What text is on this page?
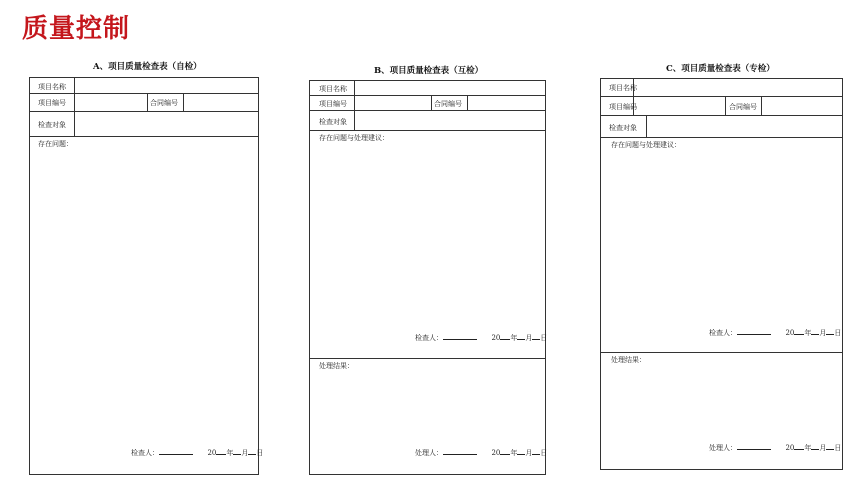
质量控制
A、项目质量检查表（自检）
项目名称
项目编号	合同编号
检查对象
存在问题：
检查人：	20 年 月 日
B、项目质量检查表（互检）
项目名称
项目编号	合同编号
检查对象
存在问题与处理建议：
检查人：	20 年 月 日
处理结果：
处理人：	20 年 月 日
C、项目质量检查表（专检）
项目名称
项目编码	合同编号
检查对象
存在问题与处理建议：
检查人：	20 年 月 日
处理结果：
处理人：	20 年 月 日
